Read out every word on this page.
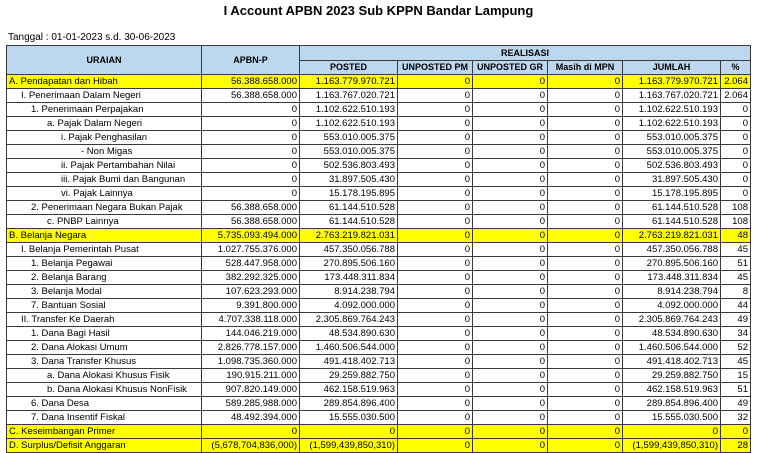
I Account APBN 2023 Sub KPPN Bandar Lampung
Tanggal : 01-01-2023 s.d. 30-06-2023
URAIAN	APBN-P	REALISASI					
		POSTED	UNPOSTED PM	UNPOSTED GR	Masih di MPN	JUMLAH	%
A. Pendapatan dan Hibah	56.388.658.000	1.163.779.970.721	0	0	0	1.163.779.970.721	2.064
I. Penerimaan Dalam Negeri	56.388.658.000	1.163.767.020.721	0	0	0	1.163.767.020.721	2.064
1. Penerimaan Perpajakan	0	1.102.622.510.193	0	0	0	1.102.622.510.193	0
a. Pajak Dalam Negeri	0	1.102.622.510.193	0	0	0	1.102.622.510.193	0
i. Pajak Penghasilan	0	553.010.005.375	0	0	0	553.010.005.375	0
- Non Migas	0	553.010.005.375	0	0	0	553.010.005.375	0
ii. Pajak Pertambahan Nilai	0	502.536.803.493	0	0	0	502.536.803.493	0
iii. Pajak Bumi dan Bangunan	0	31.897.505.430	0	0	0	31.897.505.430	0
vi. Pajak Lainnya	0	15.178.195.895	0	0	0	15.178.195.895	0
2. Penerimaan Negara Bukan Pajak	56.388.658.000	61.144.510.528	0	0	0	61.144.510.528	108
c. PNBP Lainnya	56.388.658.000	61.144.510.528	0	0	0	61.144.510.528	108
B. Belanja Negara	5.735.093.494.000	2.763.219.821.031	0	0	0	2.763.219.821.031	48
I. Belanja Pemerintah Pusat	1.027.755.376.000	457.350.056.788	0	0	0	457.350.056.788	45
1. Belanja Pegawai	528.447.958.000	270.895.506.160	0	0	0	270.895.506.160	51
2. Belanja Barang	382.292.325.000	173.448.311.834	0	0	0	173.448.311.834	45
3. Belanja Modal	107.623.293.000	8.914.238.794	0	0	0	8.914.238.794	8
7. Bantuan Sosial	9.391.800.000	4.092.000.000	0	0	0	4.092.000.000	44
II. Transfer Ke Daerah	4.707.338.118.000	2.305.869.764.243	0	0	0	2.305.869.764.243	49
1. Dana Bagi Hasil	144.046.219.000	48.534.890.630	0	0	0	48.534.890.630	34
2. Dana Alokasi Umum	2.826.778.157.000	1.460.506.544.000	0	0	0	1.460.506.544.000	52
3. Dana Transfer Khusus	1.098.735.360.000	491.418.402.713	0	0	0	491.418.402.713	45
a. Dana Alokasi Khusus Fisik	190.915.211.000	29.259.882.750	0	0	0	29.259.882.750	15
b. Dana Alokasi Khusus NonFisik	907.820.149.000	462.158.519.963	0	0	0	462.158.519.963	51
6. Dana Desa	589.285.988.000	289.854.896.400	0	0	0	289.854.896.400	49
7. Dana Insentif Fiskal	48.492.394.000	15.555.030.500	0	0	0	15.555.030.500	32
C. Keseimbangan Primer	0	0	0	0	0	0	0
D. Surplus/Defisit Anggaran	(5,678,704,836,000)	(1,599,439,850,310)	0	0	0	(1,599,439,850,310)	28
